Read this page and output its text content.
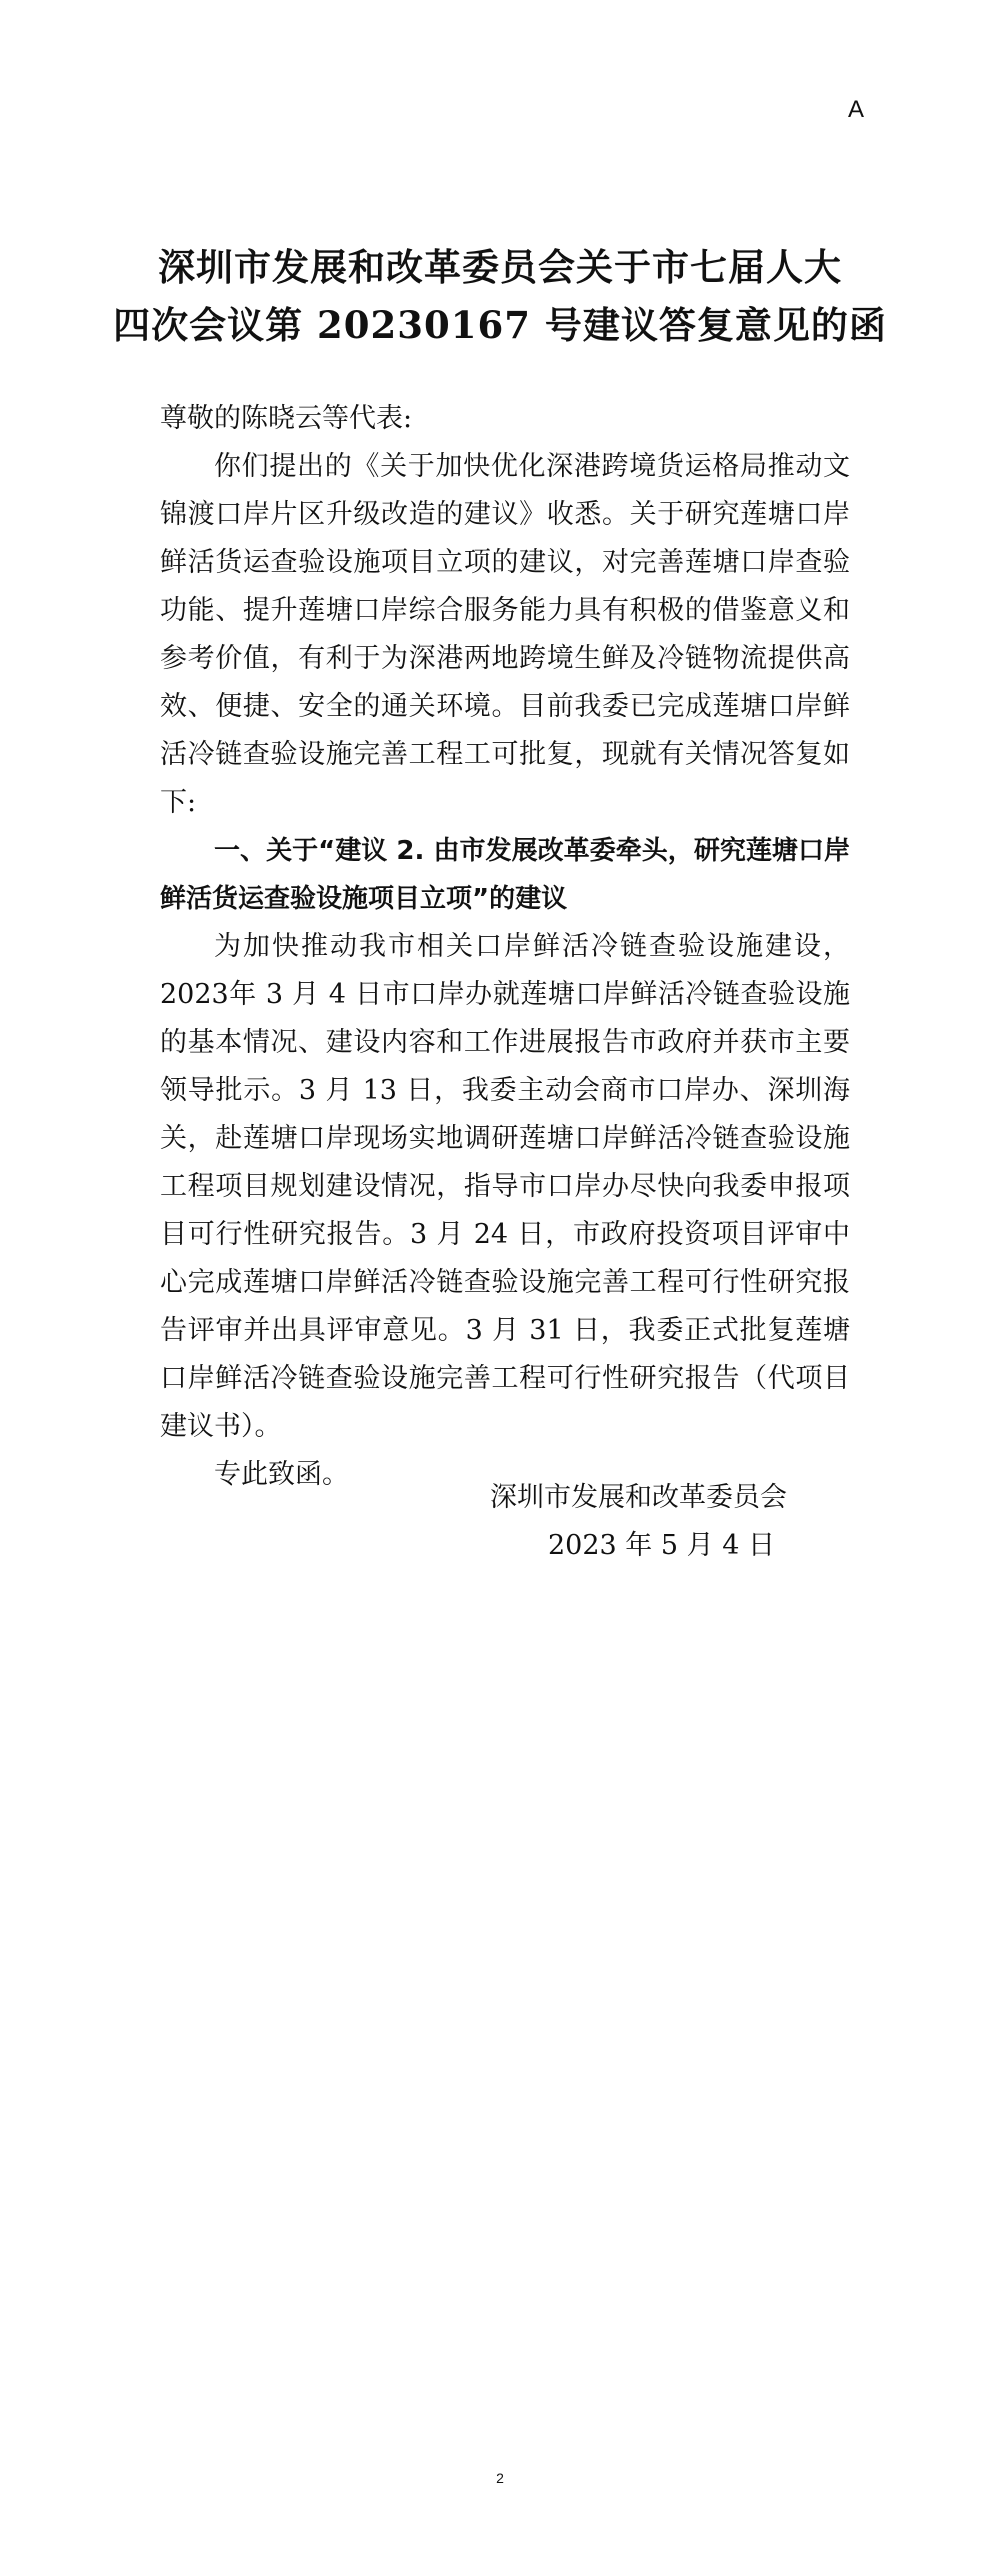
A
深圳市发展和改革委员会关于市七届人大
四次会议第 20230167 号建议答复意见的函

尊敬的陈晓云等代表:

你们提出的《关于加快优化深港跨境货运格局推动文锦渡口岸片区升级改造的建议》收悉。关于研究莲塘口岸鲜活货运查验设施项目立项的建议，对完善莲塘口岸查验功能、提升莲塘口岸综合服务能力具有积极的借鉴意义和参考价值，有利于为深港两地跨境生鲜及冷链物流提供高效、便捷、安全的通关环境。目前我委已完成莲塘口岸鲜活冷链查验设施完善工程工可批复，现就有关情况答复如下:

一、关于“建议 2. 由市发展改革委牵头，研究莲塘口岸鲜活货运查验设施项目立项”的建议

为加快推动我市相关口岸鲜活冷链查验设施建设，2023年 3 月 4 日市口岸办就莲塘口岸鲜活冷链查验设施的基本情况、建设内容和工作进展报告市政府并获市主要领导批示。3 月 13 日，我委主动会商市口岸办、深圳海关，赴莲塘口岸现场实地调研莲塘口岸鲜活冷链查验设施工程项目规划建设情况，指导市口岸办尽快向我委申报项目可行性研究报告。3 月 24 日，市政府投资项目评审中心完成莲塘口岸鲜活冷链查验设施完善工程可行性研究报告评审并出具评审意见。3 月 31 日，我委正式批复莲塘口岸鲜活冷链查验设施完善工程可行性研究报告（代项目建议书）。

专此致函。

深圳市发展和改革委员会
2023 年 5 月 4 日
2
